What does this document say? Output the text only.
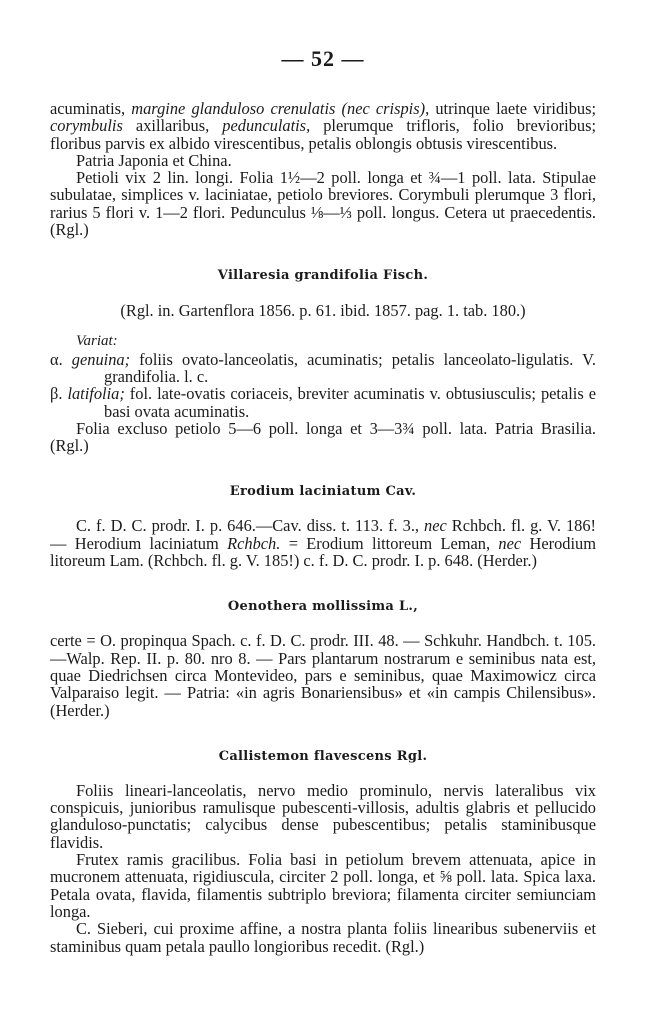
— 52 —

acuminatis, margine glanduloso crenulatis (nec crispis), utrinque laete viridibus; corymbulis axillaribus, pedunculatis, plerumque trifloris, folio brevioribus; floribus parvis ex albido virescentibus, petalis oblongis obtusis virescentibus.

Patria Japonia et China.

Petioli vix 2 lin. longi. Folia 1½—2 poll. longa et ¾—1 poll. lata. Stipulae subulatae, simplices v. laciniatae, petiolo breviores. Corymbuli plerumque 3 flori, rarius 5 flori v. 1—2 flori. Pedunculus ⅛—⅓ poll. longus. Cetera ut praecedentis. (Rgl.)

Villaresia grandifolia Fisch.
(Rgl. in. Gartenflora 1856. p. 61. ibid. 1857. pag. 1. tab. 180.)
Variat:

α. genuina; foliis ovato-lanceolatis, acuminatis; petalis lanceolato-ligulatis. V. grandifolia. l. c.

β. latifolia; fol. late-ovatis coriaceis, breviter acuminatis v. obtusiusculis; petalis e basi ovata acuminatis.

Folia excluso petiolo 5—6 poll. longa et 3—3¾ poll. lata. Patria Brasilia. (Rgl.)

Erodium laciniatum Cav.

C. f. D. C. prodr. I. p. 646.—Cav. diss. t. 113. f. 3., nec Rchbch. fl. g. V. 186! — Herodium laciniatum Rchbch. = Erodium littoreum Leman, nec Herodium litoreum Lam. (Rchbch. fl. g. V. 185!) c. f. D. C. prodr. I. p. 648. (Herder.)

Oenothera mollissima L.,

certe = O. propinqua Spach. c. f. D. C. prodr. III. 48. — Schkuhr. Handbch. t. 105.—Walp. Rep. II. p. 80. nro 8. — Pars plantarum nostrarum e seminibus nata est, quae Diedrichsen circa Montevideo, pars e seminibus, quae Maximowicz circa Valparaiso legit. — Patria: «in agris Bonariensibus» et «in campis Chilensibus». (Herder.)

Callistemon flavescens Rgl.

Foliis lineari-lanceolatis, nervo medio prominulo, nervis lateralibus vix conspicuis, junioribus ramulisque pubescenti-villosis, adultis glabris et pellucido glanduloso-punctatis; calycibus dense pubescentibus; petalis staminibusque flavidis.

Frutex ramis gracilibus. Folia basi in petiolum brevem attenuata, apice in mucronem attenuata, rigidiuscula, circiter 2 poll. longa, et ⅝ poll. lata. Spica laxa. Petala ovata, flavida, filamentis subtriplo breviora; filamenta circiter semiunciam longa.

C. Sieberi, cui proxime affine, a nostra planta foliis linearibus subenerviis et staminibus quam petala paullo longioribus recedit. (Rgl.)
